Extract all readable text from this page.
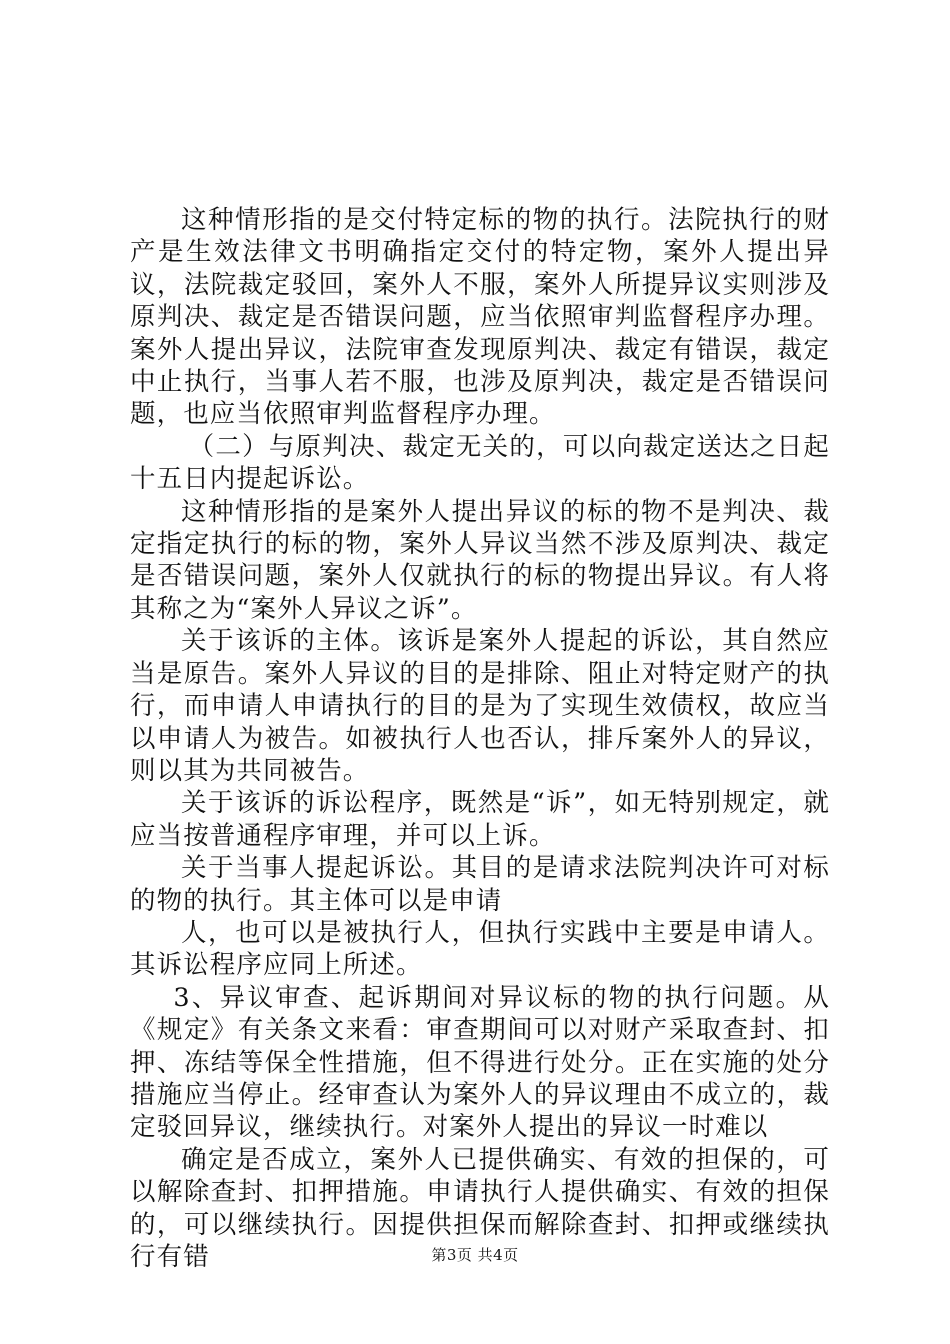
这种情形指的是交付特定标的物的执行。法院执行的财产是生效法律文书明确指定交付的特定物，案外人提出异议，法院裁定驳回，案外人不服，案外人所提异议实则涉及原判决、裁定是否错误问题，应当依照审判监督程序办理。案外人提出异议，法院审查发现原判决、裁定有错误，裁定中止执行，当事人若不服，也涉及原判决，裁定是否错误问题，也应当依照审判监督程序办理。

（二）与原判决、裁定无关的，可以向裁定送达之日起十五日内提起诉讼。

这种情形指的是案外人提出异议的标的物不是判决、裁定指定执行的标的物，案外人异议当然不涉及原判决、裁定是否错误问题，案外人仅就执行的标的物提出异议。有人将其称之为“案外人异议之诉”。

关于该诉的主体。该诉是案外人提起的诉讼，其自然应当是原告。案外人异议的目的是排除、阻止对特定财产的执行，而申请人申请执行的目的是为了实现生效债权，故应当以申请人为被告。如被执行人也否认，排斥案外人的异议，则以其为共同被告。

关于该诉的诉讼程序，既然是“诉”，如无特别规定，就应当按普通程序审理，并可以上诉。

关于当事人提起诉讼。其目的是请求法院判决许可对标的物的执行。其主体可以是申请

人，也可以是被执行人，但执行实践中主要是申请人。其诉讼程序应同上所述。

3、异议审查、起诉期间对异议标的物的执行问题。从《规定》有关条文来看：审查期间可以对财产采取查封、扣押、冻结等保全性措施，但不得进行处分。正在实施的处分措施应当停止。经审查认为案外人的异议理由不成立的，裁定驳回异议，继续执行。对案外人提出的异议一时难以

确定是否成立，案外人已提供确实、有效的担保的，可以解除查封、扣押措施。申请执行人提供确实、有效的担保的，可以继续执行。因提供担保而解除查封、扣押或继续执行有错	第3页 共4页
